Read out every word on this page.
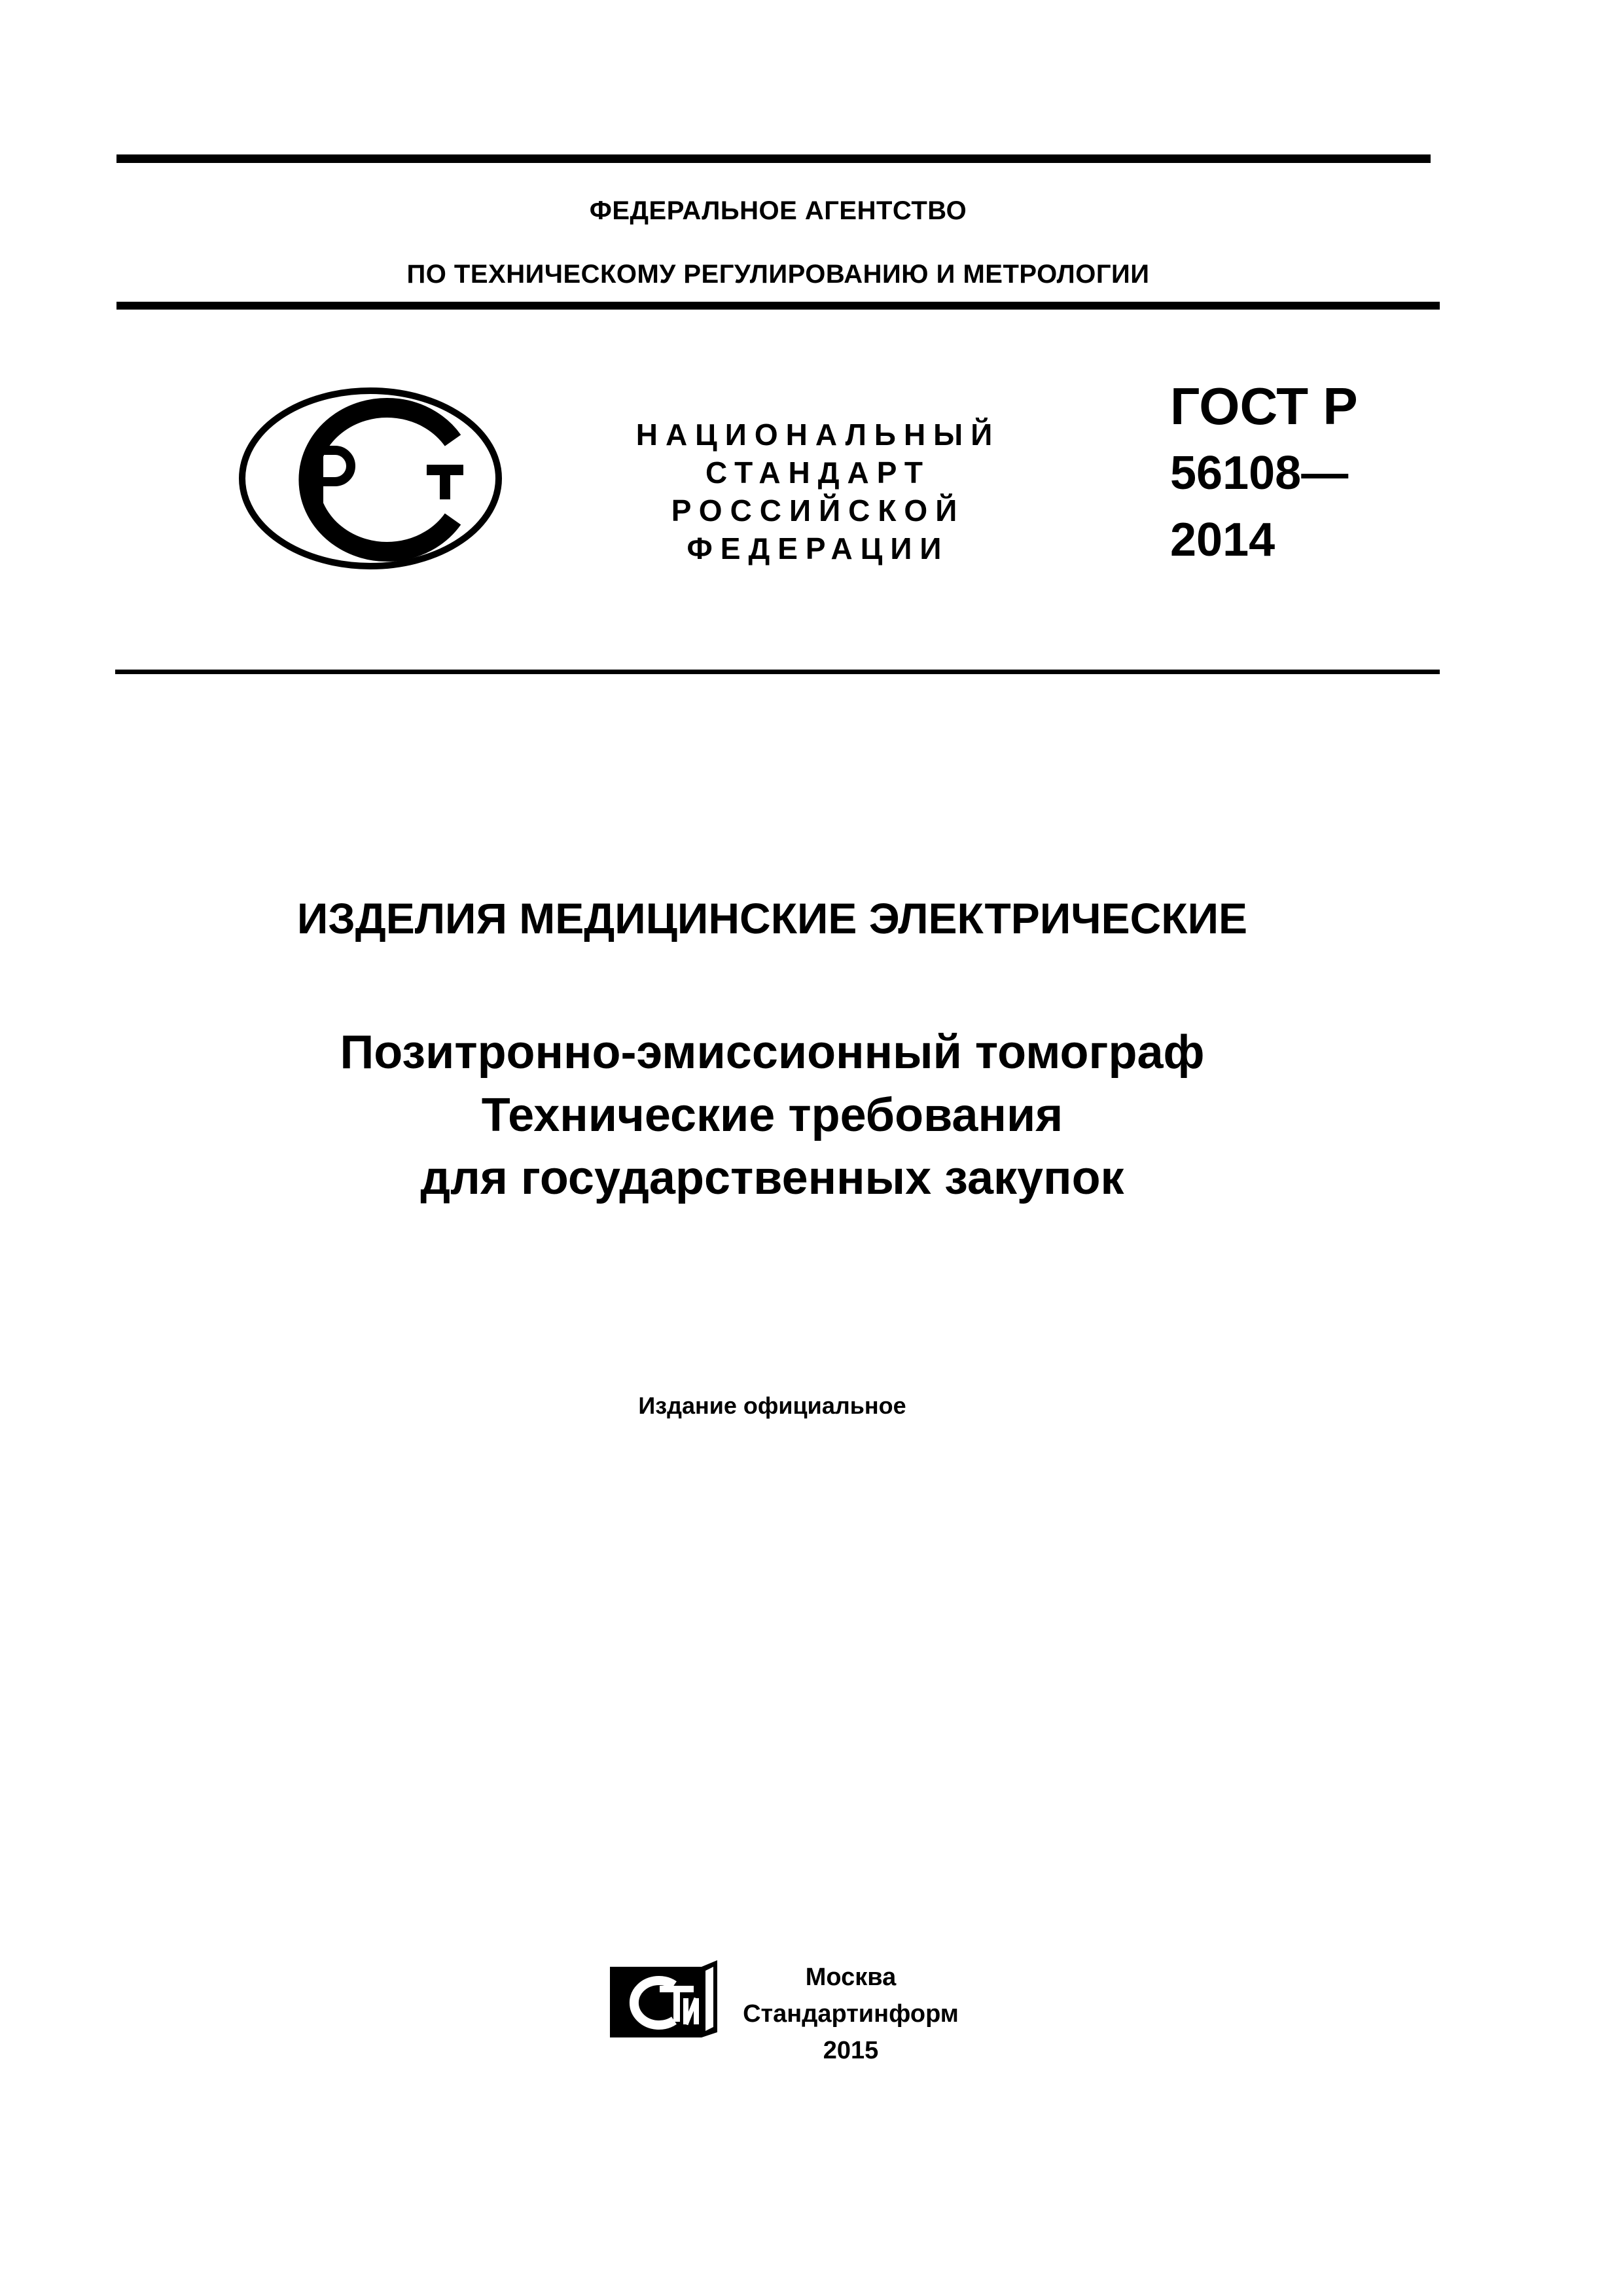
ФЕДЕРАЛЬНОЕ АГЕНТСТВО
ПО ТЕХНИЧЕСКОМУ РЕГУЛИРОВАНИЮ И МЕТРОЛОГИИ
НАЦИОНАЛЬНЫЙ
СТАНДАРТ
РОССИЙСКОЙ
ФЕДЕРАЦИИ
ГОСТ Р
56108—
2014
ИЗДЕЛИЯ МЕДИЦИНСКИЕ ЭЛЕКТРИЧЕСКИЕ
Позитронно-эмиссионный томограф
Технические требования
для государственных закупок
Издание официальное
Москва
Стандартинформ
2015
